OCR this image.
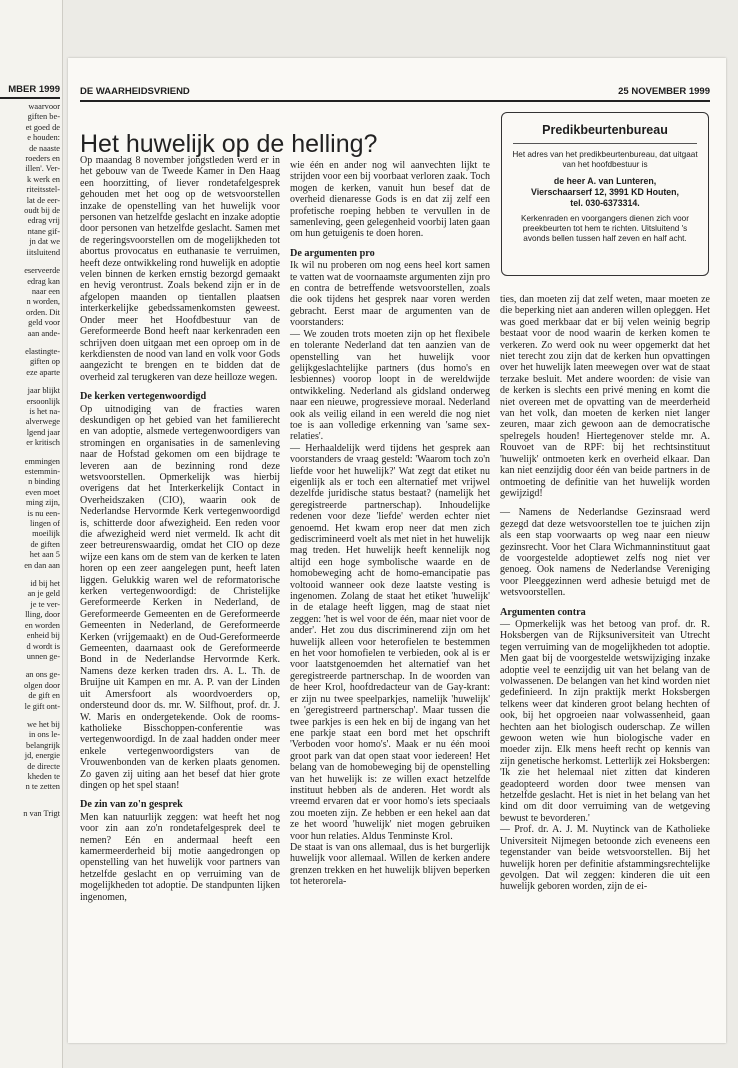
MBER 1999
waarvoor
giften be-
et goed de
e houden:
de naaste
roeders en
illen'. Ver-
k werk en
riteitsstel-
lat de eer-
oudt bij de
edrag vrij
ntane gif-
jn dat we
iitsluitend
eserveerde
edrag kan
naar een
n worden,
orden. Dit
geld voor
aan ande-
elastingte-
giften op
eze aparte
jaar blijkt
ersoonlijk
is het na-
alverwege
lgend jaar
er kritisch
emmingen
estemmin-
n binding
even moet
ming zijn,
is nu een-
lingen of
moeilijk
de giften
het aan 5
en dan aan
id bij het
an je geld
je te ver-
lling, door
en worden
enheid bij
d wordt is
unnen ge-
an ons ge-
olgen door
de gift en
le gift ont-
we het bij
in ons le-
belangrijk
jd, energie
de directe
kheden te
n te zetten
n van Trigt
DE WAARHEIDSVRIEND	25 NOVEMBER 1999
Het huwelijk op de helling?

Op maandag 8 november jongstleden werd er in het gebouw van de Tweede Kamer in Den Haag een hoorzitting, of liever rondetafelgesprek gehouden met het oog op de wetsvoorstellen inzake de openstelling van het huwelijk voor personen van hetzelfde geslacht en inzake adoptie door personen van hetzelfde geslacht. Samen met de regeringsvoorstellen om de mogelijkheden tot abortus provocatus en euthanasie te verruimen, heeft deze ontwikkeling rond huwelijk en adoptie velen binnen de kerken ernstig bezorgd gemaakt en hevig verontrust. Zoals bekend zijn er in de afgelopen maanden op tientallen plaatsen interkerkelijke gebedssamenkomsten geweest. Onder meer het Hoofdbestuur van de Gereformeerde Bond heeft naar kerkenraden een schrijven doen uitgaan met een oproep om in de kerkdiensten de nood van land en volk voor Gods aangezicht te brengen en te bidden dat de overheid zal terugkeren van deze heilloze wegen.

De kerken vertegenwoordigd

Op uitnodiging van de fracties waren deskundigen op het gebied van het familierecht en van adoptie, alsmede vertegenwoordigers van stromingen en organisaties in de samenleving naar de Hofstad gekomen om een bijdrage te leveren aan de bezinning rond deze wetsvoorstellen. Opmerkelijk was hierbij overigens dat het Interkerkelijk Contact in Overheidszaken (CIO), waarin ook de Nederlandse Hervormde Kerk vertegenwoordigd is, schitterde door afwezigheid. Een reden voor die afwezigheid werd niet vermeld. Ik acht dit zeer betreurenswaardig, omdat het CIO op deze wijze een kans om de stem van de kerken te laten horen op een zeer aangelegen punt, heeft laten liggen. Gelukkig waren wel de reformatorische kerken vertegenwoordigd: de Christelijke Gereformeerde Kerken in Nederland, de Gereformeerde Gemeenten en de Gereformeerde Gemeenten in Nederland, de Gereformeerde Kerken (vrijgemaakt) en de Oud-Gereformeerde Gemeenten, daarnaast ook de Gereformeerde Bond in de Nederlandse Hervormde Kerk. Namens deze kerken traden drs. A. L. Th. de Bruijne uit Kampen en mr. A. P. van der Linden uit Amersfoort als woordvoerders op, ondersteund door ds. mr. W. Silfhout, prof. dr. J. W. Maris en ondergetekende. Ook de rooms-katholieke Bisschoppen-conferentie was vertegenwoordigd. In de zaal hadden onder meer enkele vertegenwoordigsters van de Vrouwenbonden van de kerken plaats genomen. Zo gaven zij uiting aan het besef dat hier grote dingen op het spel staan!

De zin van zo'n gesprek

Men kan natuurlijk zeggen: wat heeft het nog voor zin aan zo'n rondetafelgesprek deel te nemen? Eén en andermaal heeft een kamermeerderheid bij motie aangedrongen op openstelling van het huwelijk voor partners van hetzelfde geslacht en op verruiming van de mogelijkheden tot adoptie. De standpunten lijken ingenomen,

wie één en ander nog wil aanvechten lijkt te strijden voor een bij voorbaat verloren zaak. Toch mogen de kerken, vanuit hun besef dat de overheid dienaresse Gods is en dat zij zelf een profetische roeping hebben te vervullen in de samenleving, geen gelegenheid voorbij laten gaan om hun getuigenis te doen horen.

De argumenten pro

Ik wil nu proberen om nog eens heel kort samen te vatten wat de voornaamste argumenten zijn pro en contra de betreffende wetsvoorstellen, zoals die ook tijdens het gesprek naar voren werden gebracht. Eerst maar de argumenten van de voorstanders:

— We zouden trots moeten zijn op het flexibele en tolerante Nederland dat ten aanzien van de openstelling van het huwelijk voor gelijkgeslachtelijke partners (dus homo's en lesbiennes) voorop loopt in de wereldwijde ontwikkeling. Nederland als gidsland onderweg naar een nieuwe, progressieve moraal. Nederland ook als veilig eiland in een wereld die nog niet toe is aan volledige erkenning van 'same sex-relaties'.

— Herhaaldelijk werd tijdens het gesprek aan voorstanders de vraag gesteld: 'Waarom toch zo'n liefde voor het huwelijk?' Wat zegt dat etiket nu eigenlijk als er toch een alternatief met vrijwel dezelfde juridische status bestaat? (namelijk het geregistreerde partnerschap). Inhoudelijke redenen voor deze 'liefde' werden echter niet genoemd. Het kwam erop neer dat men zich gediscrimineerd voelt als met niet in het huwelijk mag treden. Het huwelijk heeft kennelijk nog altijd een hoge symbolische waarde en de homobeweging acht de homo-emancipatie pas voltooid wanneer ook deze laatste vesting is ingenomen. Zolang de staat het etiket 'huwelijk' in de etalage heeft liggen, mag de staat niet zeggen: 'het is wel voor de één, maar niet voor de ander'. Het zou dus discriminerend zijn om het huwelijk alleen voor heterofielen te bestemmen en het voor homofielen te verbieden, ook al is er voor laatstgenoemden het alternatief van het geregistreerde partnerschap. In de woorden van de heer Krol, hoofdredacteur van de Gay-krant: er zijn nu twee speelparkjes, namelijk 'huwelijk' en 'geregistreerd partnerschap'. Maar tussen die twee parkjes is een hek en bij de ingang van het ene parkje staat een bord met het opschrift 'Verboden voor homo's'. Maak er nu één mooi groot park van dat open staat voor iedereen! Het belang van de homobeweging bij de openstelling van het huwelijk is: ze willen exact hetzelfde instituut hebben als de anderen. Het wordt als vreemd ervaren dat er voor homo's iets speciaals zou moeten zijn. Ze hebben er een hekel aan dat ze het woord 'huwelijk' niet mogen gebruiken voor hun relaties. Aldus Tenminste Krol.

De staat is van ons allemaal, dus is het burgerlijk huwelijk voor allemaal. Willen de kerken andere grenzen trekken en het huwelijk blijven beperken tot heterorela-

Predikbeurtenbureau
Het adres van het predikbeurtenbureau, dat uitgaat van het hoofdbestuur is
de heer A. van Lunteren,
Vierschaarserf 12, 3991 KD Houten,
tel. 030-6373314.
Kerkenraden en voorgangers dienen zich voor preekbeurten tot hem te richten. Uitsluitend 's avonds bellen tussen half zeven en half acht.

ties, dan moeten zij dat zelf weten, maar moeten ze die beperking niet aan anderen willen opleggen. Het was goed merkbaar dat er bij velen weinig begrip bestaat voor de nood waarin de kerken komen te verkeren. Zo werd ook nu weer opgemerkt dat het niet terecht zou zijn dat de kerken hun opvattingen over het huwelijk laten meewegen over wat de staat terzake besluit. Met andere woorden: de visie van de kerken is slechts een privé mening en komt die niet overeen met de opvatting van de meerderheid van het volk, dan moeten de kerken niet langer zeuren, maar zich gewoon aan de democratische spelregels houden! Hiertegenover stelde mr. A. Rouvoet van de RPF: bij het rechtsinstituut 'huwelijk' ontmoeten kerk en overheid elkaar. Dan kan niet eenzijdig door één van beide partners in de ontmoeting de definitie van het huwelijk worden gewijzigd!

— Namens de Nederlandse Gezinsraad werd gezegd dat deze wetsvoorstellen toe te juichen zijn als een stap voorwaarts op weg naar een nieuw gezinsrecht. Voor het Clara Wichmanninstituut gaat de voorgestelde adoptiewet zelfs nog niet ver genoeg. Ook namens de Nederlandse Vereniging voor Pleeggezinnen werd adhesie betuigd met de wetsvoorstellen.

Argumenten contra

— Opmerkelijk was het betoog van prof. dr. R. Hoksbergen van de Rijksuniversiteit van Utrecht tegen verruiming van de mogelijkheden tot adoptie. Men gaat bij de voorgestelde wetswijziging inzake adoptie veel te eenzijdig uit van het belang van de volwassenen. De belangen van het kind worden niet gedefinieerd. In zijn praktijk merkt Hoksbergen telkens weer dat kinderen groot belang hechten of ook, bij het opgroeien naar volwassenheid, gaan hechten aan het biologisch ouderschap. Ze willen gewoon weten wie hun biologische vader en moeder zijn. Elk mens heeft recht op kennis van zijn genetische herkomst. Letterlijk zei Hoksbergen: 'Ik zie het helemaal niet zitten dat kinderen geadopteerd worden door twee mensen van hetzelfde geslacht. Het is niet in het belang van het kind om dit door verruiming van de wetgeving bewust te bevorderen.'

— Prof. dr. A. J. M. Nuytinck van de Katholieke Universiteit Nijmegen betoonde zich eveneens een tegenstander van beide wetsvoorstellen. Bij het huwelijk horen per definitie afstammingsrechtelijke gevolgen. Dat wil zeggen: kinderen die uit een huwelijk geboren worden, zijn de ei-
